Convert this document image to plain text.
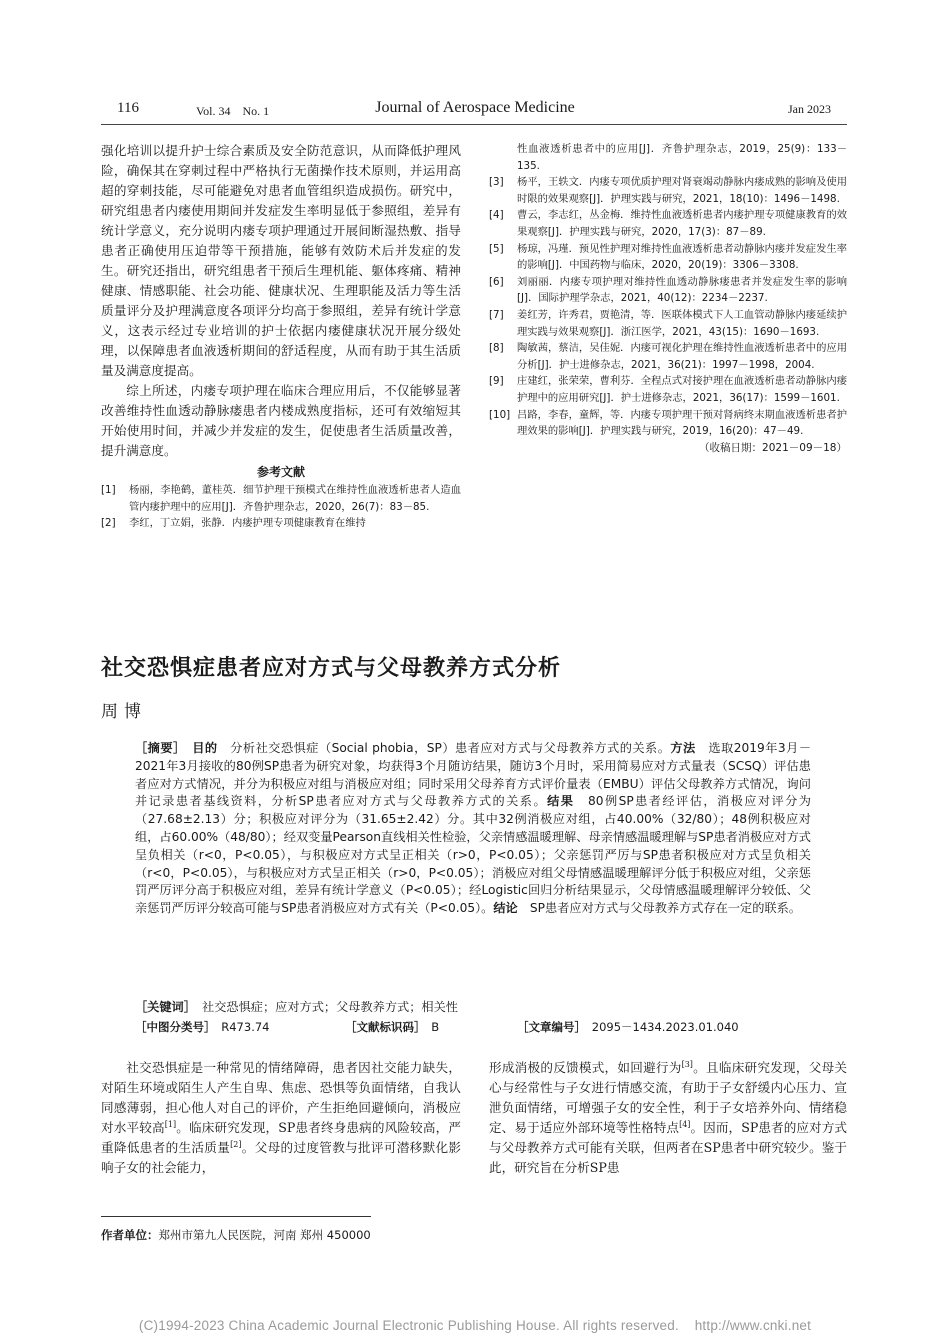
116	Vol. 34　No. 1	Journal of Aerospace Medicine	Jan 2023

强化培训以提升护士综合素质及安全防范意识，从而降低护理风险，确保其在穿刺过程中严格执行无菌操作技术原则，并运用高超的穿刺技能，尽可能避免对患者血管组织造成损伤。研究中，研究组患者内瘘使用期间并发症发生率明显低于参照组，差异有统计学意义，充分说明内瘘专项护理通过开展间断湿热敷、指导患者正确使用压迫带等干预措施，能够有效防术后并发症的发生。研究还指出，研究组患者干预后生理机能、躯体疼痛、精神健康、情感职能、社会功能、健康状况、生理职能及活力等生活质量评分及护理满意度各项评分均高于参照组，差异有统计学意义，这表示经过专业培训的护士依据内瘘健康状况开展分级处理，以保障患者血液透析期间的舒适程度，从而有助于其生活质量及满意度提高。

综上所述，内瘘专项护理在临床合理应用后，不仅能够显著改善维持性血透动静脉瘘患者内楼成熟度指标，还可有效缩短其开始使用时间，并减少并发症的发生，促使患者生活质量改善，提升满意度。

参考文献
[1]	杨丽，李艳鹤，董桂英．细节护理干预模式在维持性血液透析患者人造血管内瘘护理中的应用[J]．齐鲁护理杂志，2020，26(7)：83－85.
[2]	李红，丁立娟，张静．内瘘护理专项健康教育在维持
性血液透析患者中的应用[J]．齐鲁护理杂志，2019，25(9)：133－135.
[3]	杨平，王轶文．内瘘专项优质护理对肾衰竭动静脉内瘘成熟的影响及使用时限的效果观察[J]．护理实践与研究，2021，18(10)：1496－1498.
[4]	曹云，李志红，丛金梅．维持性血液透析患者内瘘护理专项健康教育的效果观察[J]．护理实践与研究，2020，17(3)：87－89.
[5]	杨琼，冯瑾．预见性护理对维持性血液透析患者动静脉内瘘并发症发生率的影响[J]．中国药物与临床，2020，20(19)：3306－3308.
[6]	刘丽丽．内瘘专项护理对维持性血透动静脉瘘患者并发症发生率的影响[J]．国际护理学杂志，2021，40(12)：2234－2237.
[7]	姜红芳，许秀君，贾艳清，等．医联体模式下人工血管动静脉内瘘延续护理实践与效果观察[J]．浙江医学，2021，43(15)：1690－1693.
[8]	陶敏茜，蔡洁，吴佳妮．内瘘可视化护理在维持性血液透析患者中的应用分析[J]．护士进修杂志，2021，36(21)：1997－1998，2004.
[9]	庄建红，张荣荣，曹利芬．全程点式对接护理在血液透析患者动静脉内瘘护理中的应用研究[J]．护士进修杂志，2021，36(17)：1599－1601.
[10] 吕路，李春，童辉，等．内瘘专项护理干预对肾病终末期血液透析患者护理效果的影响[J]．护理实践与研究，2019，16(20)：47－49.
（收稿日期：2021－09－18）
社交恐惧症患者应对方式与父母教养方式分析
周博

［摘要］　 目的　分析社交恐惧症（Social phobia，SP）患者应对方式与父母教养方式的关系。方法　选取2019年3月－2021年3月接收的80例SP患者为研究对象，均获得3个月随访结果，随访3个月时，采用简易应对方式量表（SCSQ）评估患者应对方式情况，并分为积极应对组与消极应对组；同时采用父母养育方式评价量表（EMBU）评估父母教养方式情况，询问并记录患者基线资料，分析SP患者应对方式与父母教养方式的关系。结果　80例SP患者经评估，消极应对评分为（27.68±2.13）分；积极应对评分为（31.65±2.42）分。其中32例消极应对组，占40.00%（32/80）；48例积极应对组，占60.00%（48/80）；经双变量Pearson直线相关性检验，父亲情感温暖理解、母亲情感温暖理解与SP患者消极应对方式呈负相关（r<0，P<0.05），与积极应对方式呈正相关（r>0，P<0.05）；父亲惩罚严厉与SP患者积极应对方式呈负相关（r<0，P<0.05），与积极应对方式呈正相关（r>0，P<0.05）；消极应对组父母情感温暖理解评分低于积极应对组，父亲惩罚严厉评分高于积极应对组，差异有统计学意义（P<0.05）；经Logistic回归分析结果显示，父母情感温暖理解评分较低、父亲惩罚严厉评分较高可能与SP患者消极应对方式有关（P<0.05）。结论　SP患者应对方式与父母教养方式存在一定的联系。

［关键词］　社交恐惧症；应对方式；父母教养方式；相关性
［中图分类号］　R473.74	［文献标识码］　B	［文章编号］　2095－1434.2023.01.040

社交恐惧症是一种常见的情绪障碍，患者因社交能力缺失，对陌生环境或陌生人产生自卑、焦虑、恐惧等负面情绪，自我认同感薄弱，担心他人对自己的评价，产生拒绝回避倾向，消极应对水平较高[1]。临床研究发现，SP患者终身患病的风险较高，严重降低患者的生活质量[2]。父母的过度管教与批评可潜移默化影响子女的社会能力，

形成消极的反馈模式，如回避行为[3]。且临床研究发现，父母关心与经常性与子女进行情感交流，有助于子女舒缓内心压力、宣泄负面情绪，可增强子女的安全性，利于子女培养外向、情绪稳定、易于适应外部环境等性格特点[4]。因而，SP患者的应对方式与父母教养方式可能有关联，但两者在SP患者中研究较少。鉴于此，研究旨在分析SP患

作者单位：郑州市第九人民医院，河南 郑州 450000
(C)1994-2023 China Academic Journal Electronic Publishing House. All rights reserved.    http://www.cnki.net
